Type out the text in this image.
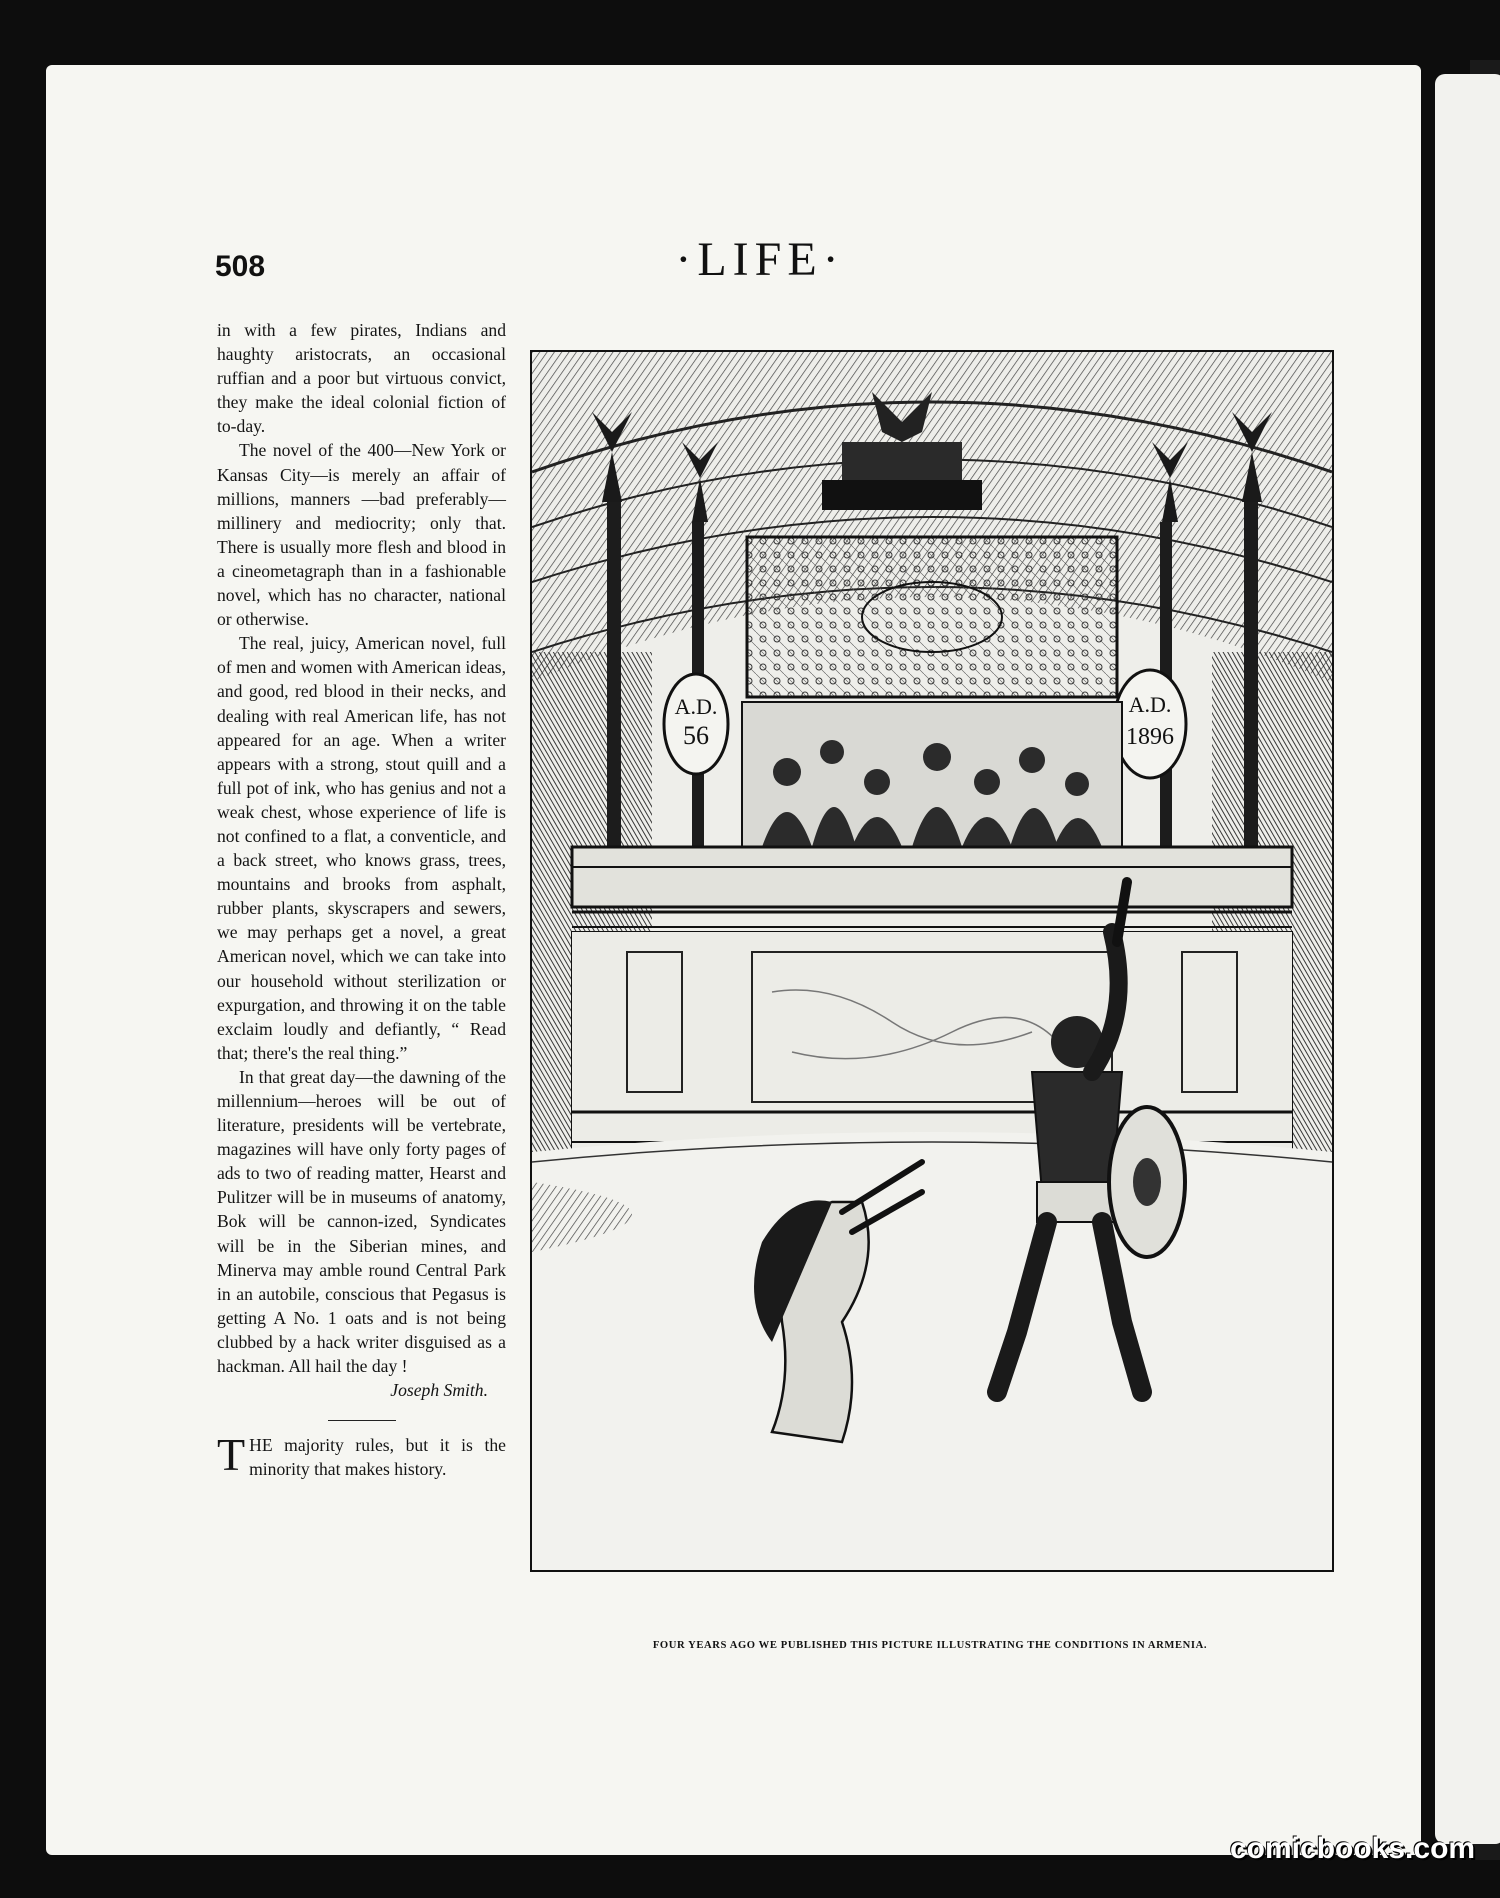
508	·LIFE·

in with a few pirates, Indians and haughty aristocrats, an occasional ruffian and a poor but virtuous convict, they make the ideal colonial fiction of to-day.

The novel of the 400—New York or Kansas City—is merely an affair of millions, manners —bad preferably—millinery and mediocrity; only that. There is usually more flesh and blood in a cineometagraph than in a fashionable novel, which has no character, national or otherwise.

The real, juicy, American novel, full of men and women with American ideas, and good, red blood in their necks, and dealing with real American life, has not appeared for an age. When a writer appears with a strong, stout quill and a full pot of ink, who has genius and not a weak chest, whose experience of life is not confined to a flat, a conventicle, and a back street, who knows grass, trees, mountains and brooks from asphalt, rubber plants, skyscrapers and sewers, we may perhaps get a novel, a great American novel, which we can take into our household without sterilization or expurgation, and throwing it on the table exclaim loudly and defiantly, “ Read that; there's the real thing.”

In that great day—the dawning of the millennium—heroes will be out of literature, presidents will be vertebrate, magazines will have only forty pages of ads to two of reading matter, Hearst and Pulitzer will be in museums of anatomy, Bok will be cannon-ized, Syndicates will be in the Siberian mines, and Minerva may amble round Central Park in an autobile, conscious that Pegasus is getting A No. 1 oats and is not being clubbed by a hack writer disguised as a hackman. All hail the day !

Joseph Smith.

THE majority rules, but it is the minority that makes history.

A.D.
56
A.D.
1896

FOUR YEARS AGO WE PUBLISHED THIS PICTURE ILLUSTRATING THE CONDITIONS IN ARMENIA.

comicbooks.com
